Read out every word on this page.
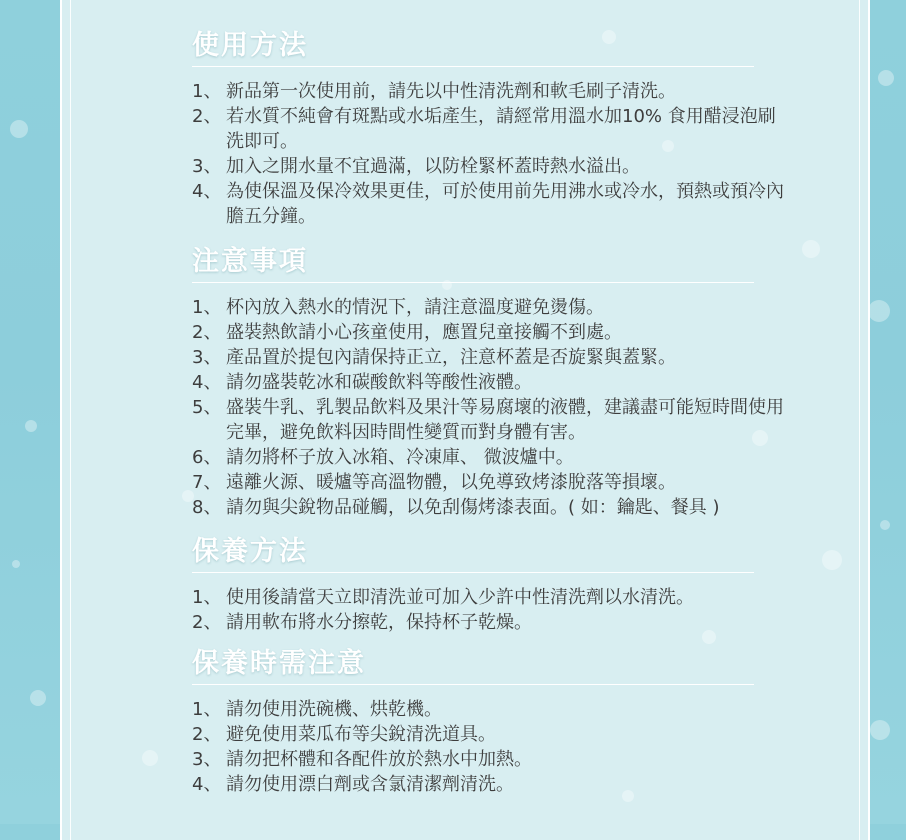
使用方法
1、 新品第一次使用前，請先以中性清洗劑和軟毛刷子清洗。
2、 若水質不純會有斑點或水垢產生，請經常用溫水加10% 食用醋浸泡刷洗即可。
3、 加入之開水量不宜過滿，以防栓緊杯蓋時熱水溢出。
4、 為使保溫及保冷效果更佳，可於使用前先用沸水或冷水，預熱或預冷內膽五分鐘。
注意事項
1、 杯內放入熱水的情況下，請注意溫度避免燙傷。
2、 盛裝熱飲請小心孩童使用，應置兒童接觸不到處。
3、 產品置於提包內請保持正立，注意杯蓋是否旋緊與蓋緊。
4、 請勿盛裝乾冰和碳酸飲料等酸性液體。
5、 盛裝牛乳、乳製品飲料及果汁等易腐壞的液體，建議盡可能短時間使用完畢，避免飲料因時間性變質而對身體有害。
6、 請勿將杯子放入冰箱、冷凍庫、 微波爐中。
7、 遠離火源、暖爐等高溫物體，以免導致烤漆脫落等損壞。
8、 請勿與尖銳物品碰觸，以免刮傷烤漆表面。( 如：鑰匙、餐具 )
保養方法
1、 使用後請當天立即清洗並可加入少許中性清洗劑以水清洗。
2、 請用軟布將水分擦乾，保持杯子乾燥。
保養時需注意
1、 請勿使用洗碗機、烘乾機。
2、 避免使用菜瓜布等尖銳清洗道具。
3、 請勿把杯體和各配件放於熱水中加熱。
4、 請勿使用漂白劑或含氯清潔劑清洗。
